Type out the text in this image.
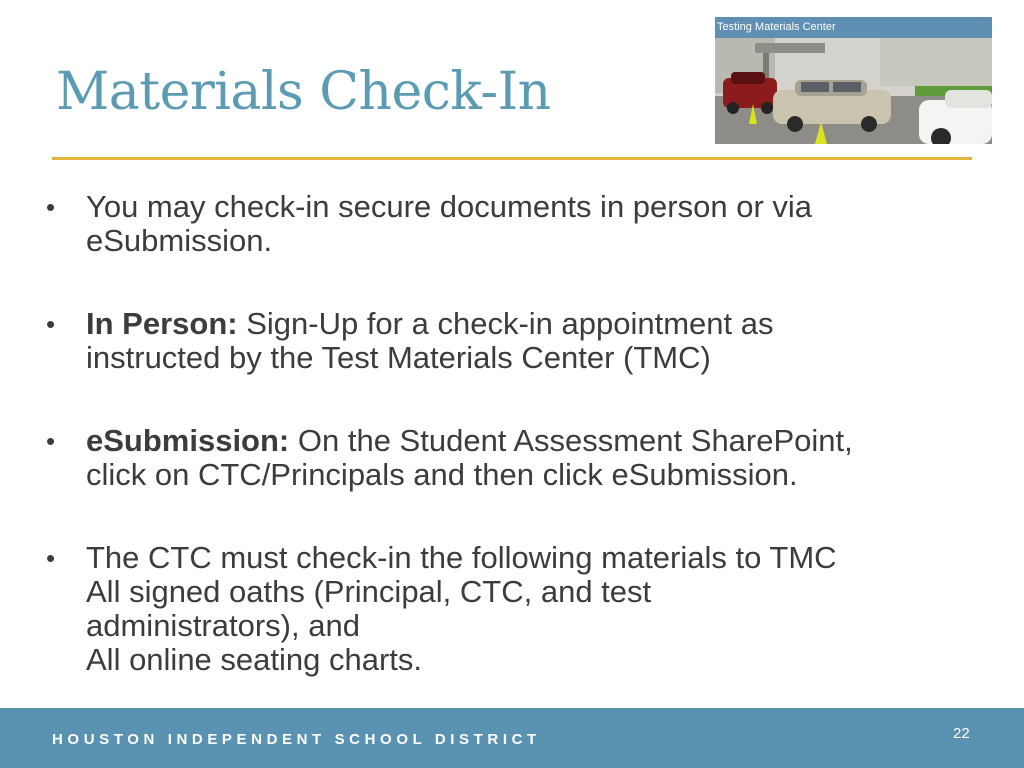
Materials Check-In
Testing Materials Center
• You may check-in secure documents in person or via
eSubmission.
• In Person: Sign-Up for a check-in appointment as
instructed by the Test Materials Center (TMC)
• eSubmission: On the Student Assessment SharePoint,
click on CTC/Principals and then click eSubmission.
• The CTC must check-in the following materials to TMC
All signed oaths (Principal, CTC, and test
administrators), and
All online seating charts.
HOUSTON INDEPENDENT SCHOOL DISTRICT	22
